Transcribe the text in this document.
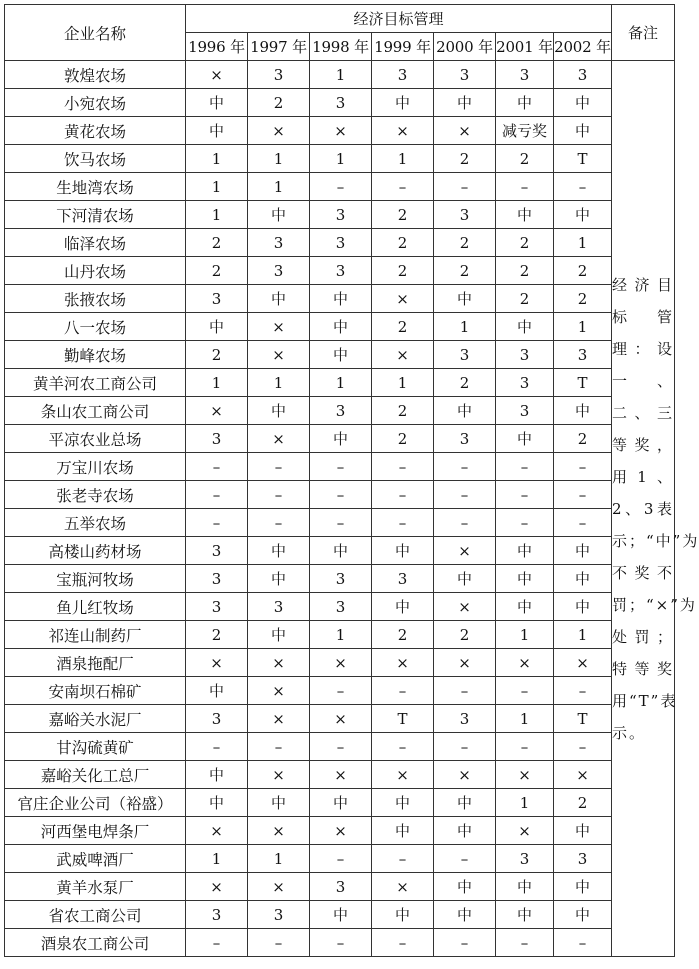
企业名称	经济目标管理							备注
	1996 年	1997 年	1998 年	1999 年	2000 年	2001 年	2002 年	
敦煌农场	×	3	1	3	3	3	3	经济目标管理：设一、二、三等奖，用1、2、3表示；“中”为不奖不罚；“×”为处罚；特等奖用“T”表示。

小宛农场	中	2	3	中	中	中	中	
黄花农场	中	×	×	×	×	减亏奖	中	
饮马农场	1	1	1	1	2	2	T	
生地湾农场	1	1	–	–	–	–	–	
下河清农场	1	中	3	2	3	中	中	
临泽农场	2	3	3	2	2	2	1	
山丹农场	2	3	3	2	2	2	2	
张掖农场	3	中	中	×	中	2	2	
八一农场	中	×	中	2	1	中	1	
勤峰农场	2	×	中	×	3	3	3	
黄羊河农工商公司	1	1	1	1	2	3	T	
条山农工商公司	×	中	3	2	中	3	中	
平凉农业总场	3	×	中	2	3	中	2	
万宝川农场	–	–	–	–	–	–	–	
张老寺农场	–	–	–	–	–	–	–	
五举农场	–	–	–	–	–	–	–	
高楼山药材场	3	中	中	中	×	中	中	
宝瓶河牧场	3	中	3	3	中	中	中	
鱼儿红牧场	3	3	3	中	×	中	中	
祁连山制药厂	2	中	1	2	2	1	1	
酒泉拖配厂	×	×	×	×	×	×	×	
安南坝石棉矿	中	×	–	–	–	–	–	
嘉峪关水泥厂	3	×	×	T	3	1	T	
甘沟硫黄矿	–	–	–	–	–	–	–	
嘉峪关化工总厂	中	×	×	×	×	×	×	
官庄企业公司（裕盛）	中	中	中	中	中	1	2	
河西堡电焊条厂	×	×	×	中	中	×	中	
武威啤酒厂	1	1	–	–	–	3	3	
黄羊水泵厂	×	×	3	×	中	中	中	
省农工商公司	3	3	中	中	中	中	中	
酒泉农工商公司	–	–	–	–	–	–	–	
